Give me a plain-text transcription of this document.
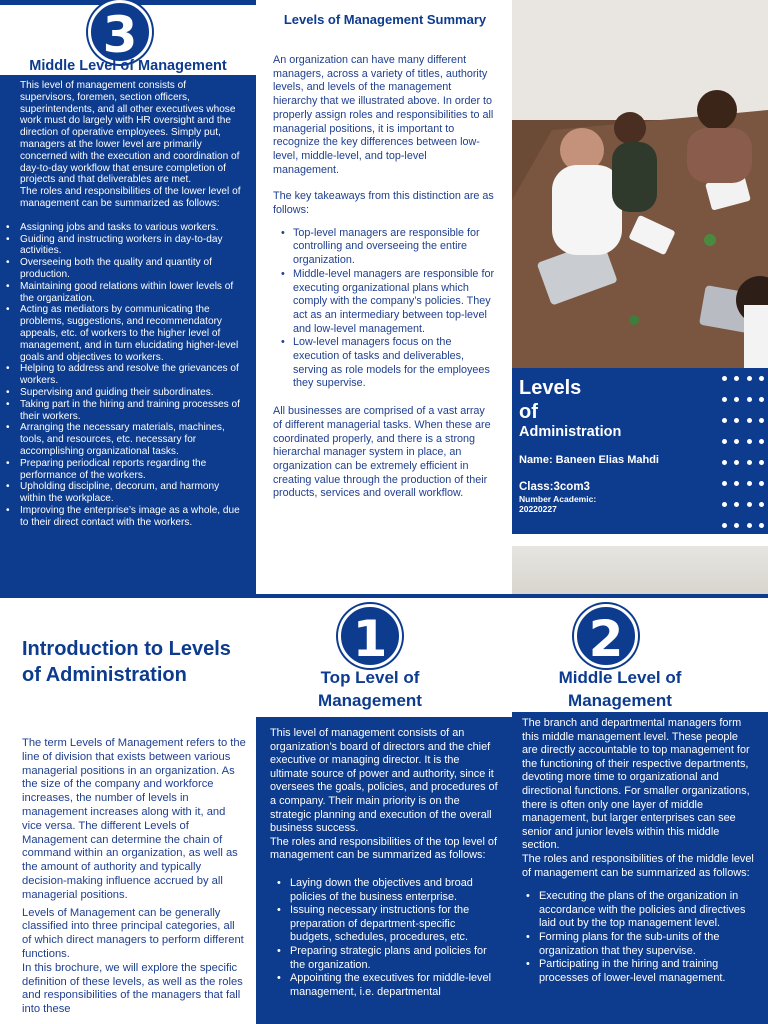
3
Middle Level of Management
This level of management consists of supervisors, foremen, section officers, superintendents, and all other executives whose work must do largely with HR oversight and the direction of operative employees. Simply put, managers at the lower level are primarily concerned with the execution and coordination of day-to-day workflow that ensure completion of projects and that deliverables are met.
The roles and responsibilities of the lower level of management can be summarized as follows:
• Assigning jobs and tasks to various workers.
• Guiding and instructing workers in day-to-day activities.
• Overseeing both the quality and quantity of production.
• Maintaining good relations within lower levels of the organization.
• Acting as mediators by communicating the problems, suggestions, and recommendatory appeals, etc. of workers to the higher level of management, and in turn elucidating higher-level goals and objectives to workers.
• Helping to address and resolve the grievances of workers.
• Supervising and guiding their subordinates.
• Taking part in the hiring and training processes of their workers.
• Arranging the necessary materials, machines, tools, and resources, etc. necessary for accomplishing organizational tasks.
• Preparing periodical reports regarding the performance of the workers.
• Upholding discipline, decorum, and harmony within the workplace.
• Improving the enterprise’s image as a whole, due to their direct contact with the workers.
Levels of Management Summary

An organization can have many different managers, across a variety of titles, authority levels, and levels of the management hierarchy that we illustrated above. In order to properly assign roles and responsibilities to all managerial positions, it is important to recognize the key differences between low-level, middle-level, and top-level management.

The key takeaways from this distinction are as follows:

• Top-level managers are responsible for controlling and overseeing the entire organization.
• Middle-level managers are responsible for executing organizational plans which comply with the company’s policies. They act as an intermediary between top-level and low-level management.
• Low-level managers focus on the execution of tasks and deliverables, serving as role models for the employees they supervise.

All businesses are comprised of a vast array of different managerial tasks. When these are coordinated properly, and there is a strong hierarchal manager system in place, an organization can be extremely efficient in creating value through the production of their products, services and overall workflow.

Levels
of
Administration
Name: Baneen Elias Mahdi
Class:3com3
Number Academic:
20220227
Introduction to Levels of Administration

The term Levels of Management refers to the line of division that exists between various managerial positions in an organization. As the size of the company and workforce increases, the number of levels in management increases along with it, and vice versa. The different Levels of Management can determine the chain of command within an organization, as well as the amount of authority and typically decision-making influence accrued by all managerial positions.

Levels of Management can be generally classified into three principal categories, all of which direct managers to perform different functions.

In this brochure, we will explore the specific definition of these levels, as well as the roles and responsibilities of the managers that fall into these

1
Top Level of Management
This level of management consists of an organization’s board of directors and the chief executive or managing director. It is the ultimate source of power and authority, since it oversees the goals, policies, and procedures of a company. Their main priority is on the strategic planning and execution of the overall business success.
The roles and responsibilities of the top level of management can be summarized as follows:
• Laying down the objectives and broad policies of the business enterprise.
• Issuing necessary instructions for the preparation of department-specific budgets, schedules, procedures, etc.
• Preparing strategic plans and policies for the organization.
• Appointing the executives for middle-level management, i.e. departmental
2
Middle Level of Management
The branch and departmental managers form this middle management level. These people are directly accountable to top management for the functioning of their respective departments, devoting more time to organizational and directional functions. For smaller organizations, there is often only one layer of middle management, but larger enterprises can see senior and junior levels within this middle section.
The roles and responsibilities of the middle level of management can be summarized as follows:
• Executing the plans of the organization in accordance with the policies and directives laid out by the top management level.
• Forming plans for the sub-units of the organization that they supervise.
• Participating in the hiring and training processes of lower-level management.
